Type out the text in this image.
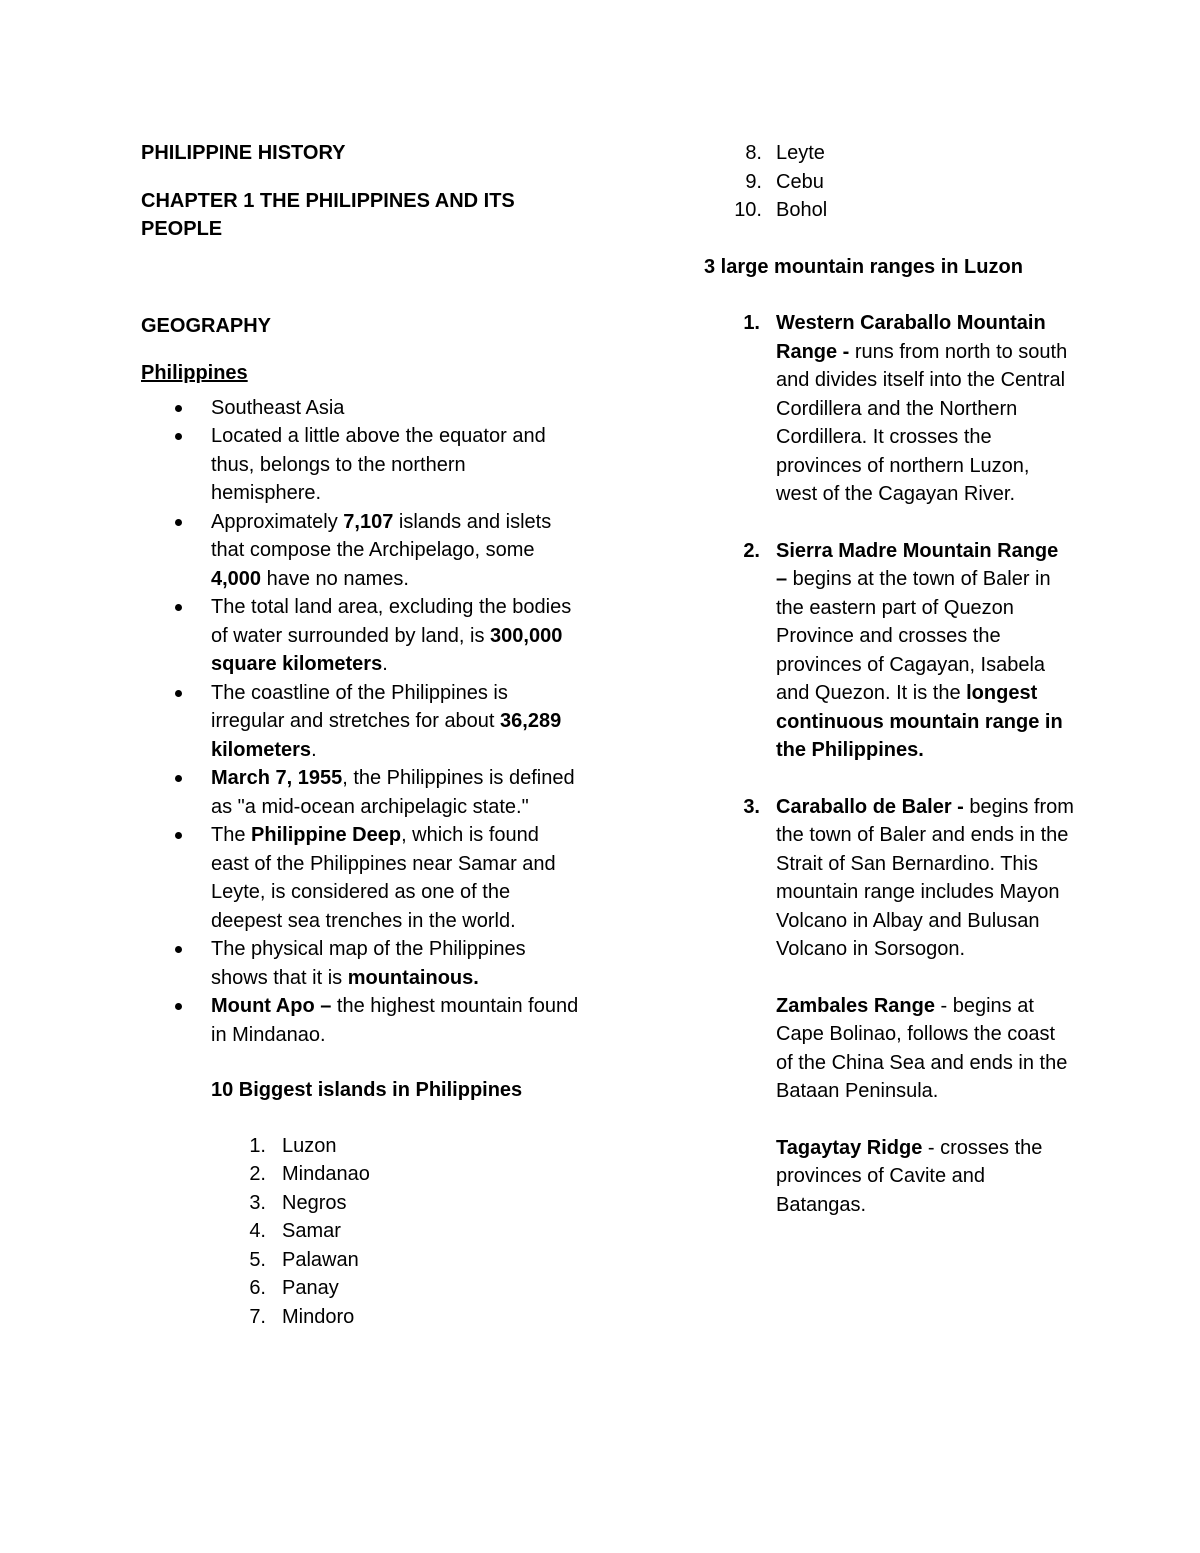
PHILIPPINE HISTORY

CHAPTER 1 THE PHILIPPINES AND ITS

PEOPLE

GEOGRAPHY

Philippines

Southeast Asia
Located a little above the equator and thus, belongs to the northern hemisphere.
Approximately 7,107 islands and islets that compose the Archipelago, some 4,000 have no names.
The total land area, excluding the bodies of water surrounded by land, is 300,000 square kilometers.
The coastline of the Philippines is irregular and stretches for about 36,289 kilometers.
March 7, 1955, the Philippines is defined as "a mid-ocean archipelagic state."
The Philippine Deep, which is found east of the Philippines near Samar and Leyte, is considered as one of the deepest sea trenches in the world.
The physical map of the Philippines shows that it is mountainous.
Mount Apo – the highest mountain found in Mindanao.

10 Biggest islands in Philippines

1. Luzon
2. Mindanao
3. Negros
4. Samar
5. Palawan
6. Panay
7. Mindoro
8. Leyte
9. Cebu
10. Bohol

3 large mountain ranges in Luzon

1. Western Caraballo Mountain Range - runs from north to south and divides itself into the Central Cordillera and the Northern Cordillera. It crosses the provinces of northern Luzon, west of the Cagayan River.
2. Sierra Madre Mountain Range – begins at the town of Baler in the eastern part of Quezon Province and crosses the provinces of Cagayan, Isabela and Quezon. It is the longest continuous mountain range in the Philippines.
3. Caraballo de Baler - begins from the town of Baler and ends in the Strait of San Bernardino. This mountain range includes Mayon Volcano in Albay and Bulusan Volcano in Sorsogon.

Zambales Range - begins at Cape Bolinao, follows the coast of the China Sea and ends in the Bataan Peninsula.

Tagaytay Ridge - crosses the provinces of Cavite and Batangas.
